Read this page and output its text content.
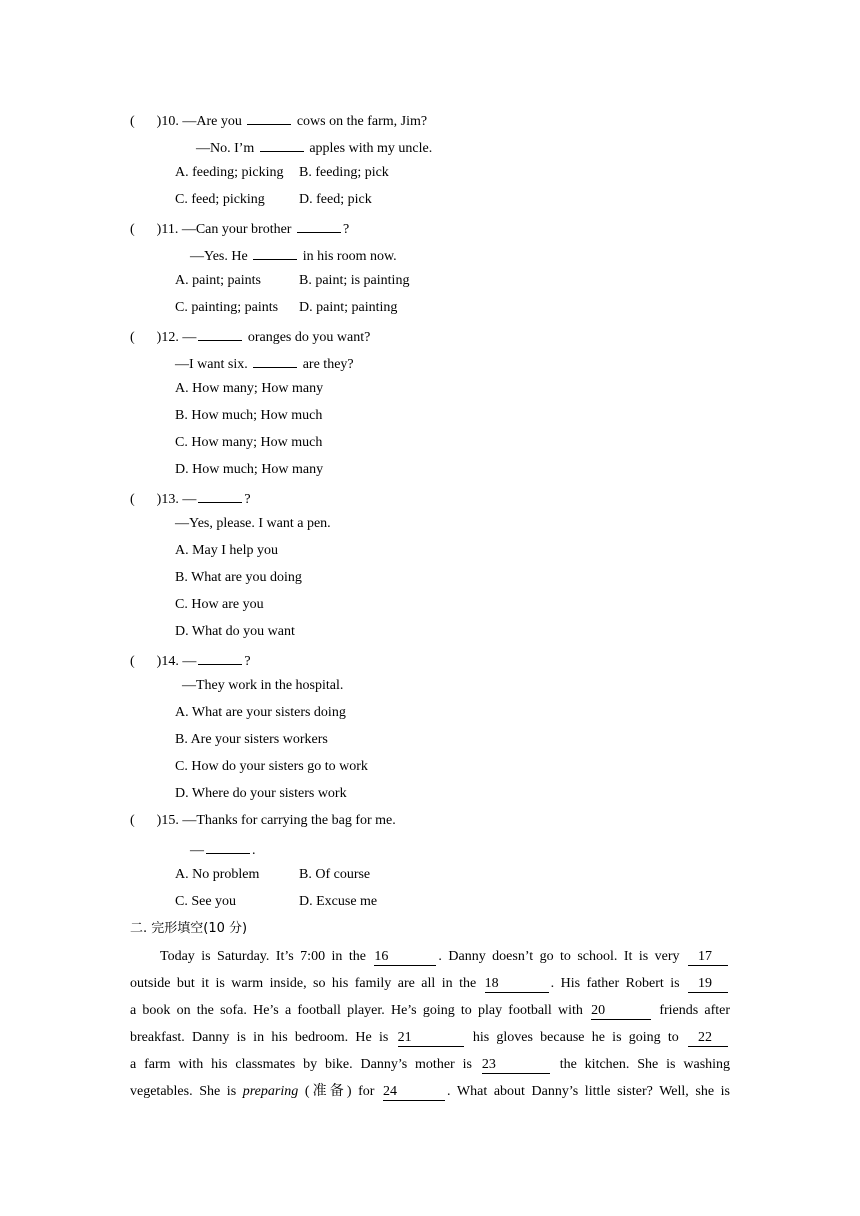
( )10. —Are you	cows on the farm, Jim?
—No. I’m	apples with my uncle.
A. feeding; picking B. feeding; pick
C. feed; picking D. feed; pick
( )11. —Can your brother	?
—Yes. He	in his room now.
A. paint; paints	B. paint; is painting
C. painting; paints D. paint; painting
( )12. —	oranges do you want?
—I want six.	are they?
A. How many; How many
B. How much; How much
C. How many; How much
D. How much; How many
( )13. —	?
—Yes, please. I want a pen.
A. May I help you
B. What are you doing
C. How are you
D. What do you want
( )14. —	?
—They work in the hospital.
A. What are your sisters doing
B. Are your sisters workers
C. How do your sisters go to work
D. Where do your sisters work
( )15. —Thanks for carrying the bag for me.
—	.
A. No problem	B. Of course
C. See you	D. Excuse me
二. 完形填空(10 分)
Today is Saturday. It’s 7:00 in the 16	. Danny doesn’t go to school. It is very 17
outside but it is warm inside, so his family are all in the 18	. His father Robert is 19
a book on the sofa. He’s a football player. He’s going to play football with 20	friends after
breakfast. Danny is in his bedroom. He is 21	his gloves because he is going to 22
a farm with his classmates by bike. Danny’s mother is 23	the kitchen. She is washing
vegetables. She is preparing (准备) for 24	. What about Danny’s little sister? Well, she is
